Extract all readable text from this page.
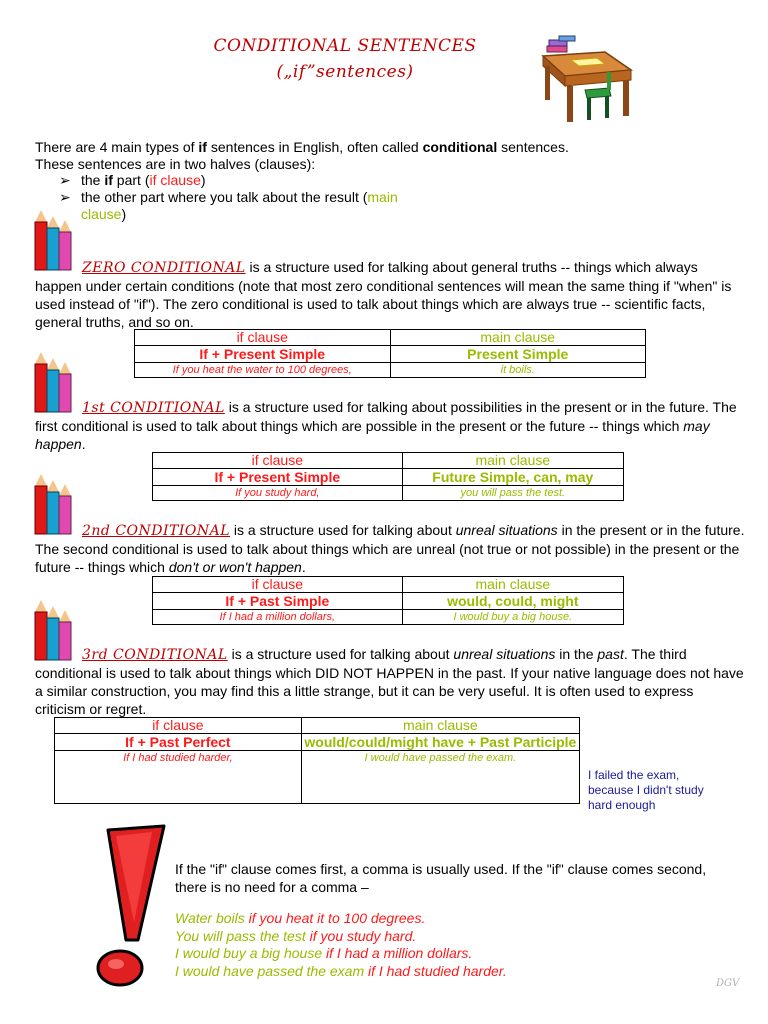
CONDITIONAL SENTENCES
(„if”sentences)

There are 4 main types of if sentences in English, often called conditional sentences.

These sentences are in two halves (clauses):

➢ the if part (if clause)
➢ the other part where you talk about the result (main
clause)

ZERO CONDITIONAL is a structure used for talking about general truths -- things which always happen under certain conditions (note that most zero conditional sentences will mean the same thing if "when" is used instead of "if"). The zero conditional is used to talk about things which are always true -- scientific facts, general truths, and so on.

if clause	main clause
If + Present Simple	Present Simple
If you heat the water to 100 degrees,	it boils.

1st CONDITIONAL is a structure used for talking about possibilities in the present or in the future. The first conditional is used to talk about things which are possible in the present or the future -- things which may happen.

if clause	main clause
If + Present Simple	Future Simple, can, may
If you study hard,	you will pass the test.

2nd CONDITIONAL is a structure used for talking about unreal situations in the present or in the future. The second conditional is used to talk about things which are unreal (not true or not possible) in the present or the future -- things which don't or won't happen.

if clause	main clause
If + Past Simple	would, could, might
If I had a million dollars,	I would buy a big house.

3rd CONDITIONAL is a structure used for talking about unreal situations in the past. The third conditional is used to talk about things which DID NOT HAPPEN in the past. If your native language does not have a similar construction, you may find this a little strange, but it can be very useful. It is often used to express criticism or regret.

if clause	main clause
If + Past Perfect	would/could/might have + Past Participle
If I had studied harder,	I would have passed the exam.
I failed the exam, because I didn't study hard enough

If the "if" clause comes first, a comma is usually used. If the "if" clause comes second, there is no need for a comma –

Water boils if you heat it to 100 degrees.

You will pass the test if you study hard.

I would buy a big house if I had a million dollars.

I would have passed the exam if I had studied harder.

DGV
